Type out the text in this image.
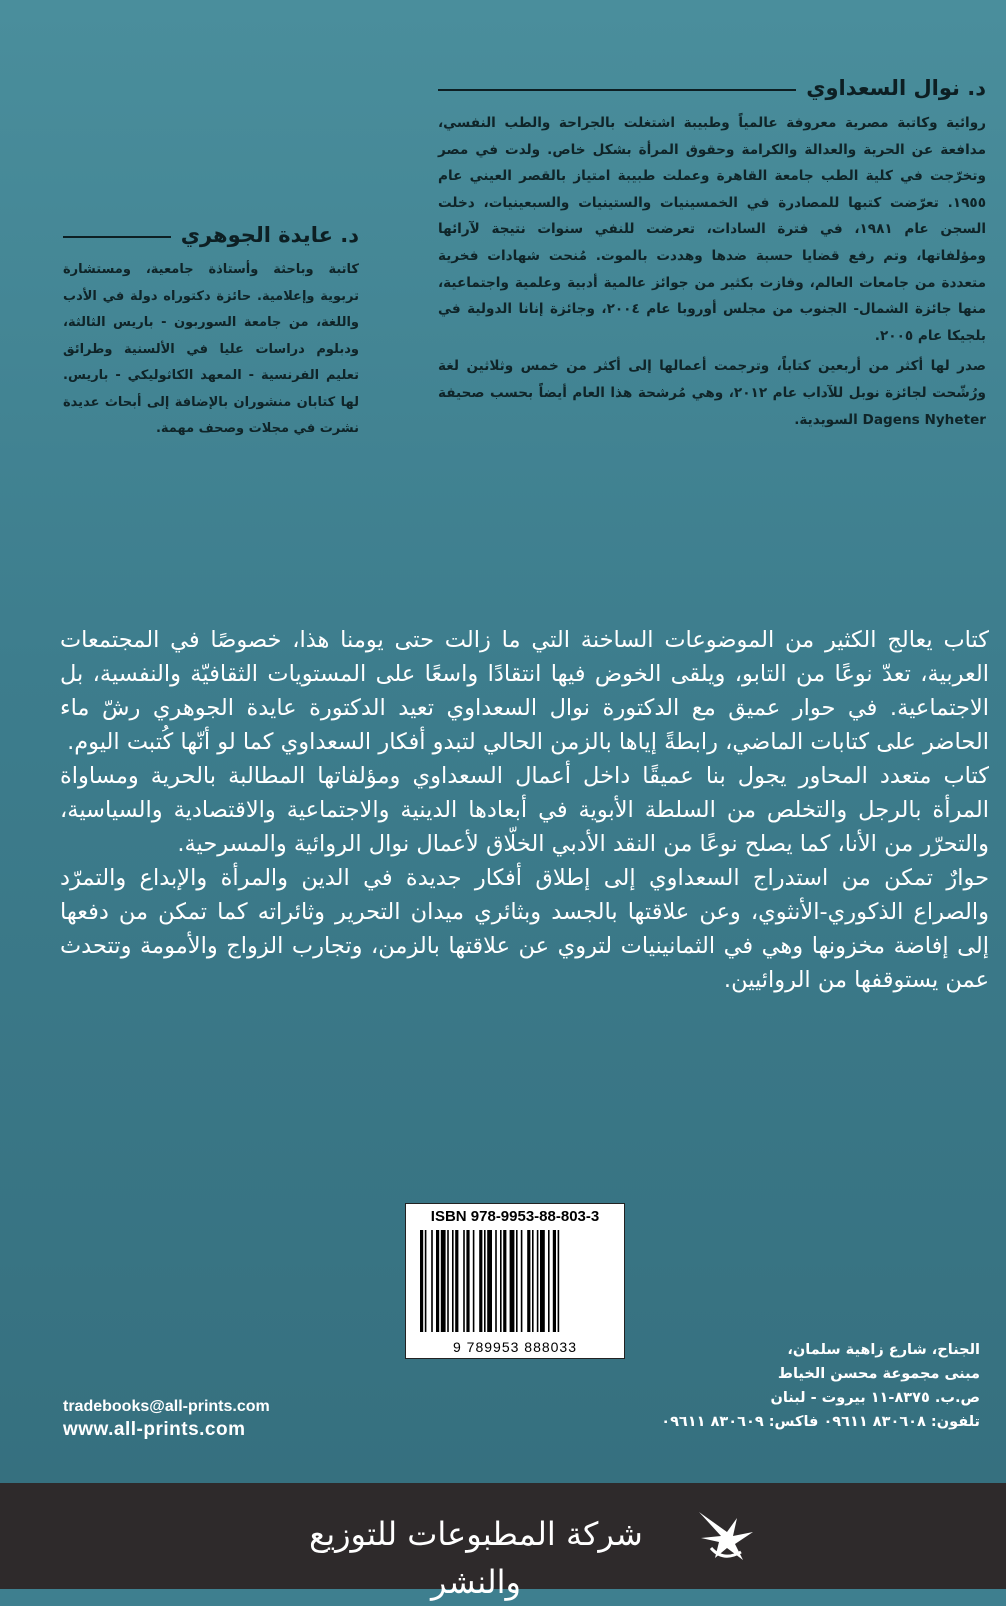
د. نوال السعداوي

روائية وكاتبة مصرية معروفة عالمياً وطبيبة اشتغلت بالجراحة والطب النفسي، مدافعة عن الحرية والعدالة والكرامة وحقوق المرأة بشكل خاص. ولدت في مصر وتخرّجت في كلية الطب جامعة القاهرة وعملت طبيبة امتياز بالقصر العيني عام ١٩٥٥. تعرّضت كتبها للمصادرة في الخمسينيات والستينيات والسبعينيات، دخلت السجن عام ١٩٨١، في فترة السادات، تعرضت للنفي سنوات نتيجة لآرائها ومؤلفاتها، وتم رفع قضايا حسبة ضدها وهددت بالموت. مُنحت شهادات فخرية متعددة من جامعات العالم، وفازت بكثير من جوائز عالمية أدبية وعلمية واجتماعية، منها جائزة الشمال- الجنوب من مجلس أوروبا عام ٢٠٠٤، وجائزة إنانا الدولية في بلجيكا عام ٢٠٠٥.

صدر لها أكثر من أربعين كتاباً، وترجمت أعمالها إلى أكثر من خمس وثلاثين لغة ورُشّحت لجائزة نوبل للآداب عام ٢٠١٢، وهي مُرشحة هذا العام أيضاً بحسب صحيفة Dagens Nyheter السويدية.

د. عايدة الجوهري

كاتبة وباحثة وأستاذة جامعية، ومستشارة تربوية وإعلامية. حائزة دكتوراه دولة في الأدب واللغة، من جامعة السوربون - باريس الثالثة، ودبلوم دراسات عليا في الألسنية وطرائق تعليم الفرنسية - المعهد الكاثوليكي - باريس. لها كتابان منشوران بالإضافة إلى أبحاث عديدة نشرت في مجلات وصحف مهمة.

كتاب يعالج الكثير من الموضوعات الساخنة التي ما زالت حتى يومنا هذا، خصوصًا في المجتمعات العربية، تعدّ نوعًا من التابو، ويلقى الخوض فيها انتقادًا واسعًا على المستويات الثقافيّة والنفسية، بل الاجتماعية. في حوار عميق مع الدكتورة نوال السعداوي تعيد الدكتورة عايدة الجوهري رشّ ماء الحاضر على كتابات الماضي، رابطةً إياها بالزمن الحالي لتبدو أفكار السعداوي كما لو أنّها كُتبت اليوم.

كتاب متعدد المحاور يجول بنا عميقًا داخل أعمال السعداوي ومؤلفاتها المطالبة بالحرية ومساواة المرأة بالرجل والتخلص من السلطة الأبوية في أبعادها الدينية والاجتماعية والاقتصادية والسياسية، والتحرّر من الأنا، كما يصلح نوعًا من النقد الأدبي الخلّاق لأعمال نوال الروائية والمسرحية.

حوارٌ تمكن من استدراج السعداوي إلى إطلاق أفكار جديدة في الدين والمرأة والإبداع والتمرّد والصراع الذكوري-الأنثوي، وعن علاقتها بالجسد وبثائري ميدان التحرير وثائراته كما تمكن من دفعها إلى إفاضة مخزونها وهي في الثمانينيات لتروي عن علاقتها بالزمن، وتجارب الزواج والأمومة وتتحدث عمن يستوقفها من الروائيين.

ISBN 978-9953-88-803-3
9 789953 888033
tradebooks@all-prints.com
www.all-prints.com
الجناح، شارع زاهية سلمان،
مبنى مجموعة محسن الخياط
ص.ب. ٨٣٧٥-١١ بيروت - لبنان
تلفون: ٨٣٠٦٠٨ ٠٩٦١١ فاكس: ٨٣٠٦٠٩ ٠٩٦١١
شركة المطبوعات للتوزيع والنشر
